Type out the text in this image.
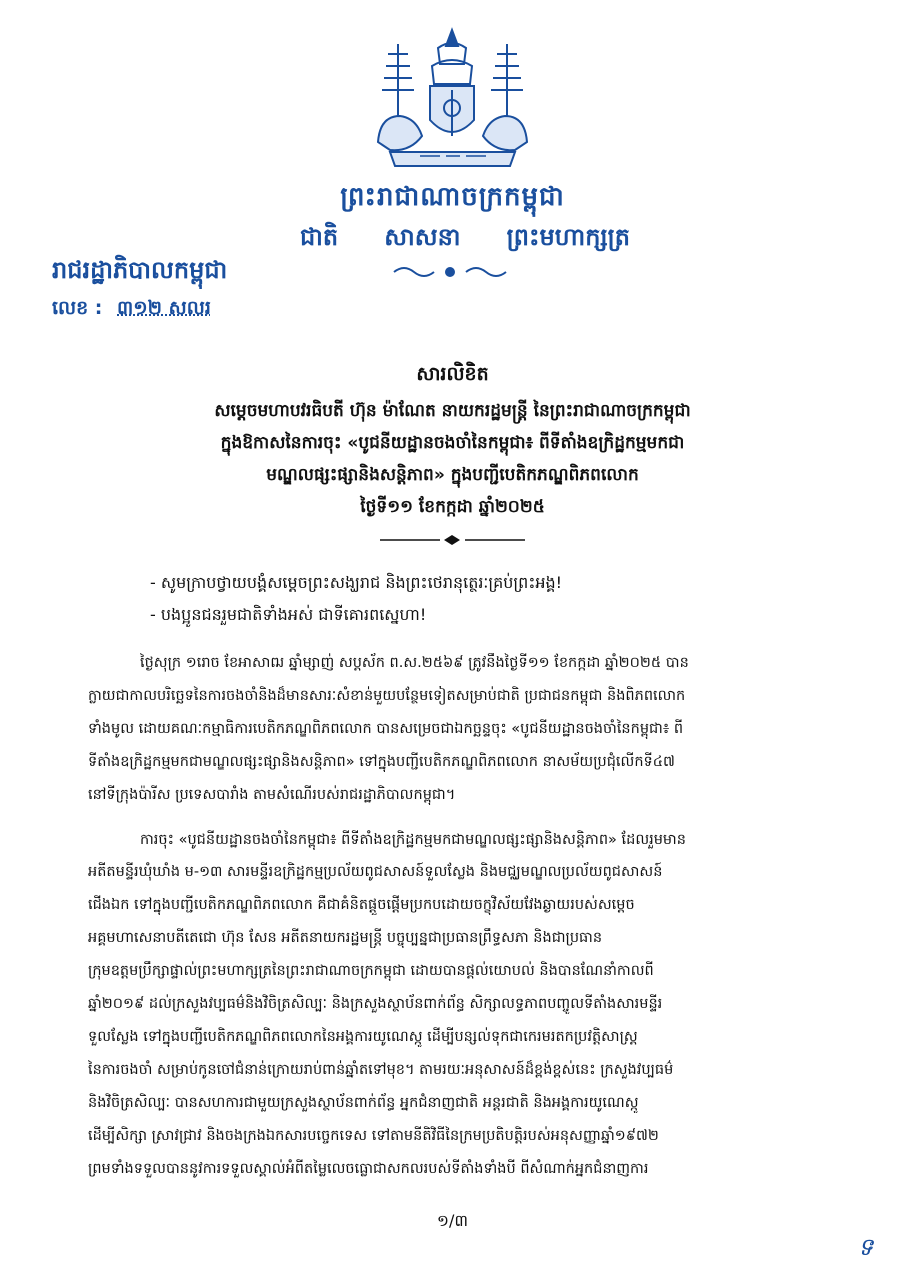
ព្រះរាជាណាចក្រកម្ពុជា
ជាតិ សាសនា ព្រះមហាក្សត្រ
រាជរដ្ឋាភិបាលកម្ពុជា
លេខ : ៣១២ សលរ
សារលិខិត
សម្តេចមហាបវរធិបតី ហ៊ុន ម៉ាណែត នាយករដ្ឋមន្ត្រី នៃព្រះរាជាណាចក្រកម្ពុជា
ក្នុងឱកាសនៃការចុះ «បូជនីយដ្ឋានចងចាំនៃកម្ពុជា៖ ពីទីតាំងឧក្រិដ្ឋកម្មមកជា
មណ្ឌលផ្សះផ្សានិងសន្តិភាព» ក្នុងបញ្ជីបេតិកភណ្ឌពិភពលោក
ថ្ងៃទី១១ ខែកក្កដា ឆ្នាំ២០២៥
- សូមក្រាបថ្វាយបង្គំសម្តេចព្រះសង្ឃរាជ និងព្រះថេរានុត្ថេរៈគ្រប់ព្រះអង្គ!
- បងប្អូនជនរួមជាតិទាំងអស់ ជាទីគោរពស្នេហា!
ថ្ងៃសុក្រ ១រោច ខែអាសាឍ ឆ្នាំម្សាញ់ សប្តស័ក ព.ស.២៥៦៩ ត្រូវនឹងថ្ងៃទី១១ ខែកក្កដា ឆ្នាំ២០២៥ បាន
ក្លាយជាកាលបរិច្ឆេទនៃការចងចាំនិងដ៏មានសារៈសំខាន់មួយបន្ថែមទៀតសម្រាប់ជាតិ ប្រជាជនកម្ពុជា និងពិភពលោក
ទាំងមូល ដោយគណៈកម្មាធិការបេតិកភណ្ឌពិភពលោក បានសម្រេចជាឯកច្ឆន្ទចុះ «បូជនីយដ្ឋានចងចាំនៃកម្ពុជា៖ ពី
ទីតាំងឧក្រិដ្ឋកម្មមកជាមណ្ឌលផ្សះផ្សានិងសន្តិភាព» ទៅក្នុងបញ្ជីបេតិកភណ្ឌពិភពលោក នាសម័យប្រជុំលើកទី៤៧
នៅទីក្រុងប៉ារីស ប្រទេសបារាំង តាមសំណើរបស់រាជរដ្ឋាភិបាលកម្ពុជា។
ការចុះ «បូជនីយដ្ឋានចងចាំនៃកម្ពុជា៖ ពីទីតាំងឧក្រិដ្ឋកម្មមកជាមណ្ឌលផ្សះផ្សានិងសន្តិភាព» ដែលរួមមាន
អតីតមន្ទីរឃុំឃាំង ម-១៣ សារមន្ទីរឧក្រិដ្ឋកម្មប្រល័យពូជសាសន៍ទួលស្លែង និងមជ្ឈមណ្ឌលប្រល័យពូជសាសន៍
ជើងឯក ទៅក្នុងបញ្ជីបេតិកភណ្ឌពិភពលោក គឺជាគំនិតផ្តួចផ្តើមប្រកបដោយចក្ខុវិស័យវែងឆ្ងាយរបស់សម្តេច
អគ្គមហាសេនាបតីតេជោ ហ៊ុន សែន អតីតនាយករដ្ឋមន្ត្រី បច្ចុប្បន្នជាប្រធានព្រឹទ្ធសភា និងជាប្រធាន
ក្រុមឧត្តមប្រឹក្សាផ្ទាល់ព្រះមហាក្សត្រនៃព្រះរាជាណាចក្រកម្ពុជា ដោយបានផ្តល់យោបល់ និងបានណែនាំកាលពី
ឆ្នាំ២០១៩ ដល់ក្រសួងវប្បធម៌និងវិចិត្រសិល្បៈ និងក្រសួងស្ថាប័នពាក់ព័ន្ធ សិក្សាលទ្ធភាពបញ្ចូលទីតាំងសារមន្ទីរ
ទួលស្លែង ទៅក្នុងបញ្ជីបេតិកភណ្ឌពិភពលោកនៃអង្គការយូណេស្កូ ដើម្បីបន្សល់ទុកជាកេរមរតកប្រវត្តិសាស្ត្រ
នៃការចងចាំ សម្រាប់កូនចៅជំនាន់ក្រោយរាប់ពាន់ឆ្នាំតទៅមុខ។ តាមរយៈអនុសាសន៍ដ៏ខ្ពង់ខ្ពស់នេះ ក្រសួងវប្បធម៌
និងវិចិត្រសិល្បៈ បានសហការជាមួយក្រសួងស្ថាប័នពាក់ព័ន្ធ អ្នកជំនាញជាតិ អន្តរជាតិ និងអង្គការយូណេស្កូ
ដើម្បីសិក្សា ស្រាវជ្រាវ និងចងក្រងឯកសារបច្ចេកទេស ទៅតាមនីតិវិធីនៃក្រមប្រតិបត្តិរបស់អនុសញ្ញាឆ្នាំ១៩៧២
ព្រមទាំងទទួលបាននូវការទទួលស្គាល់អំពីតម្លៃលេចធ្លោជាសកលរបស់ទីតាំងទាំងបី ពីសំណាក់អ្នកជំនាញការ
១/៣
ទ
